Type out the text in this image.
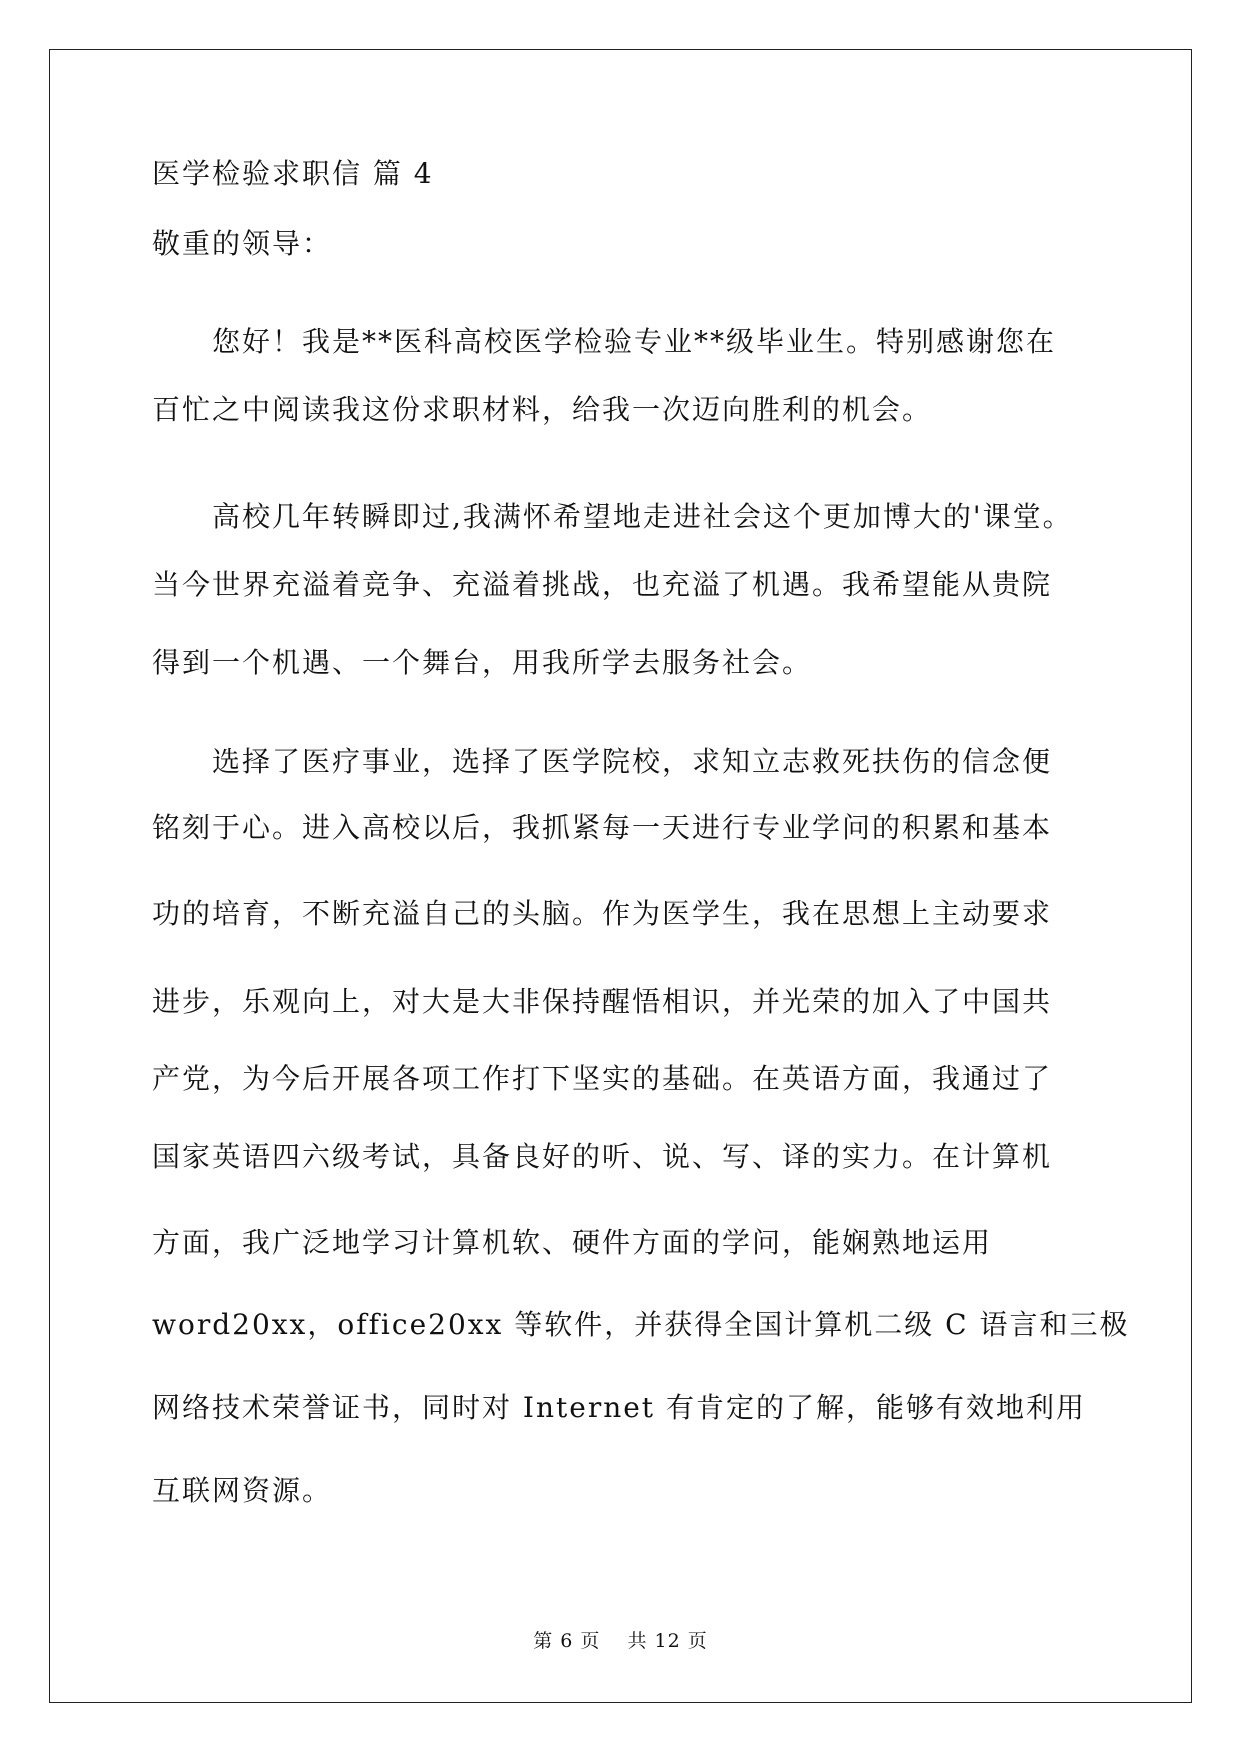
医学检验求职信 篇 4
敬重的领导：
　　您好！我是**医科高校医学检验专业**级毕业生。特别感谢您在
百忙之中阅读我这份求职材料，给我一次迈向胜利的机会。
　　高校几年转瞬即过,我满怀希望地走进社会这个更加博大的'课堂。
当今世界充溢着竞争、充溢着挑战，也充溢了机遇。我希望能从贵院
得到一个机遇、一个舞台，用我所学去服务社会。
　　选择了医疗事业，选择了医学院校，求知立志救死扶伤的信念便
铭刻于心。进入高校以后，我抓紧每一天进行专业学问的积累和基本
功的培育，不断充溢自己的头脑。作为医学生，我在思想上主动要求
进步，乐观向上，对大是大非保持醒悟相识，并光荣的加入了中国共
产党，为今后开展各项工作打下坚实的基础。在英语方面，我通过了
国家英语四六级考试，具备良好的听、说、写、译的实力。在计算机
方面，我广泛地学习计算机软、硬件方面的学问，能娴熟地运用
word20xx，office20xx 等软件，并获得全国计算机二级 C 语言和三极
网络技术荣誉证书，同时对 Internet 有肯定的了解，能够有效地利用
互联网资源。
第 6 页 共 12 页
